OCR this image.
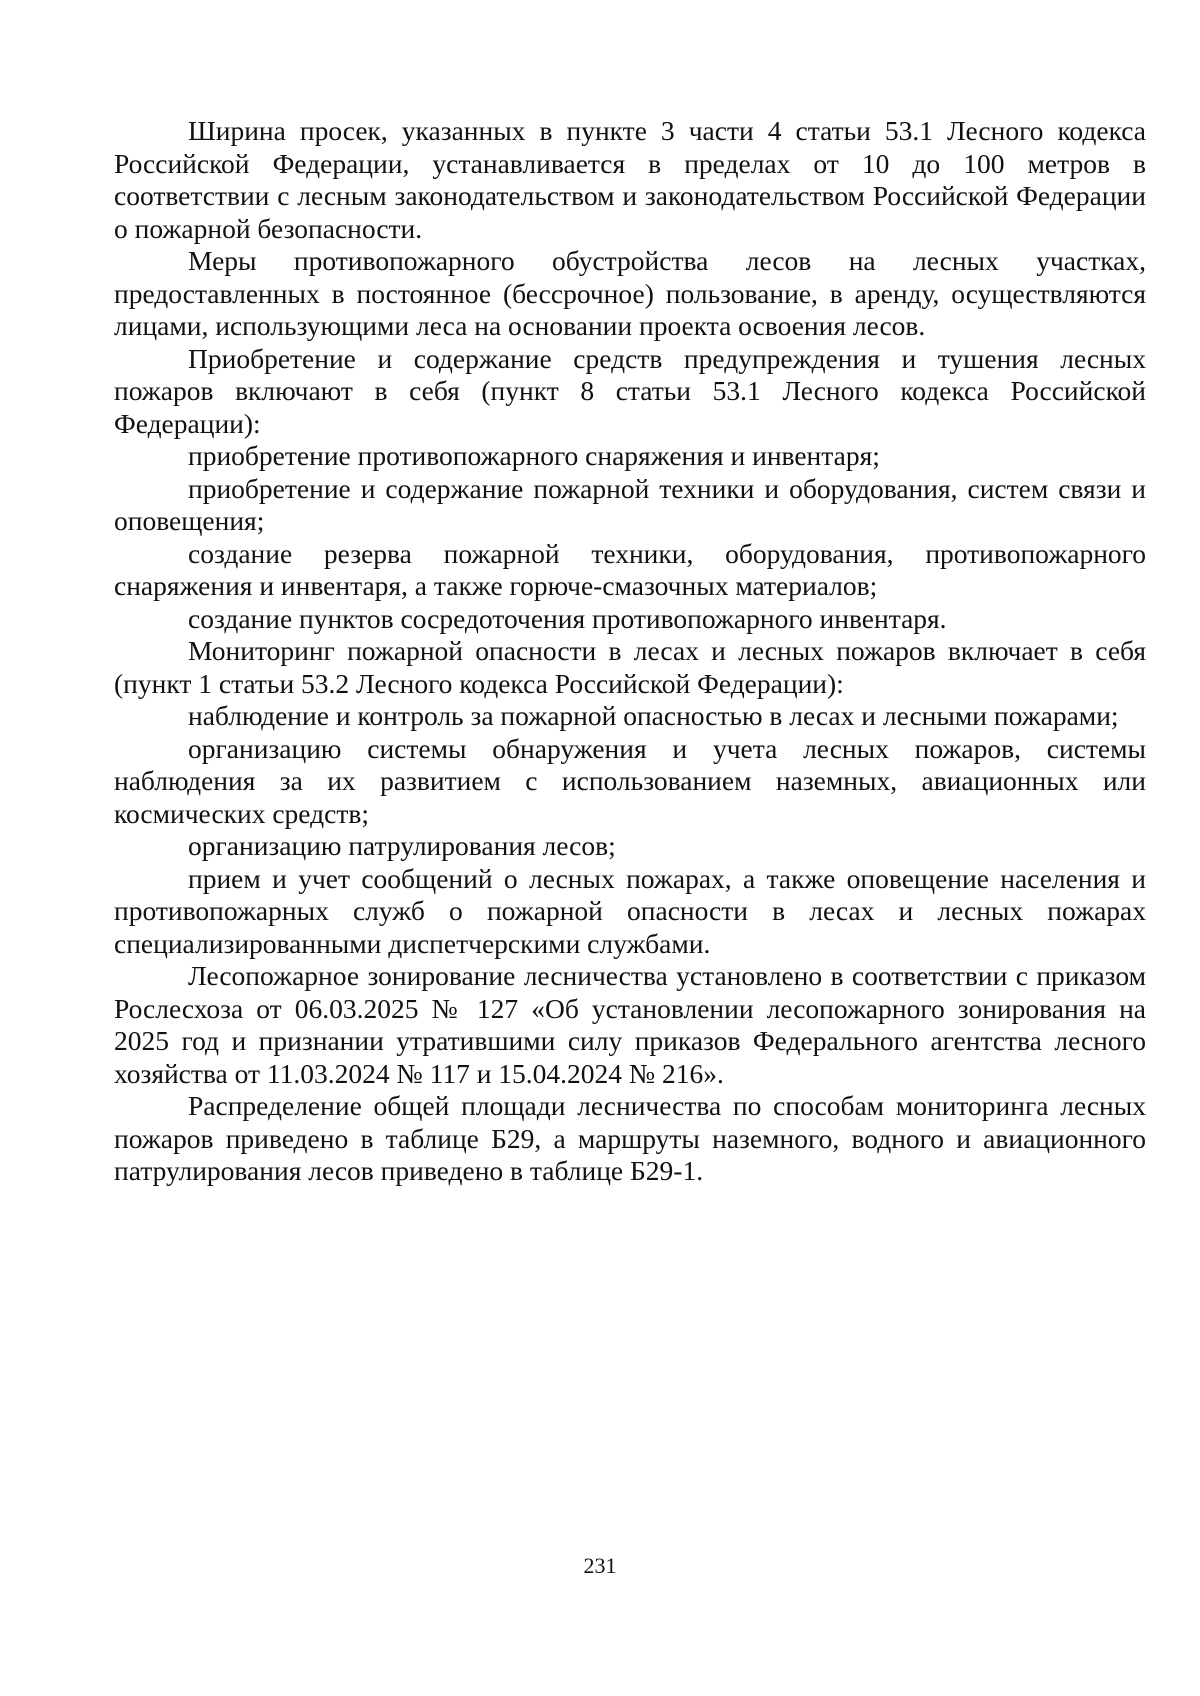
Ширина просек, указанных в пункте 3 части 4 статьи 53.1 Лесного кодекса Российской Федерации, устанавливается в пределах от 10 до 100 метров в соответствии с лесным законодательством и законодательством Российской Федерации о пожарной безопасности.

Меры противопожарного обустройства лесов на лесных участках, предоставленных в постоянное (бессрочное) пользование, в аренду, осуществляются лицами, использующими леса на основании проекта освоения лесов.

Приобретение и содержание средств предупреждения и тушения лесных пожаров включают в себя (пункт 8 статьи 53.1 Лесного кодекса Российской Федерации):

приобретение противопожарного снаряжения и инвентаря;

приобретение и содержание пожарной техники и оборудования, систем связи и оповещения;

создание резерва пожарной техники, оборудования, противопожарного снаряжения и инвентаря, а также горюче-смазочных материалов;

создание пунктов сосредоточения противопожарного инвентаря.

Мониторинг пожарной опасности в лесах и лесных пожаров включает в себя (пункт 1 статьи 53.2 Лесного кодекса Российской Федерации):

наблюдение и контроль за пожарной опасностью в лесах и лесными пожарами;

организацию системы обнаружения и учета лесных пожаров, системы наблюдения за их развитием с использованием наземных, авиационных или космических средств;

организацию патрулирования лесов;

прием и учет сообщений о лесных пожарах, а также оповещение населения и противопожарных служб о пожарной опасности в лесах и лесных пожарах специализированными диспетчерскими службами.

Лесопожарное зонирование лесничества установлено в соответствии с приказом Рослесхоза от 06.03.2025 № 127 «Об установлении лесопожарного зонирования на 2025 год и признании утратившими силу приказов Федерального агентства лесного хозяйства от 11.03.2024 № 117 и 15.04.2024 № 216».

Распределение общей площади лесничества по способам мониторинга лесных пожаров приведено в таблице Б29, а маршруты наземного, водного и авиационного патрулирования лесов приведено в таблице Б29-1.

231
